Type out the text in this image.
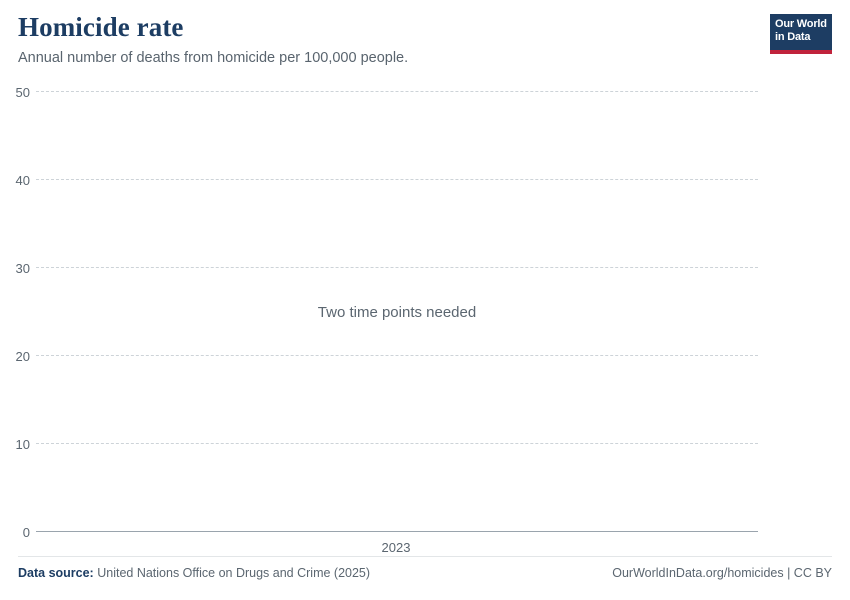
Homicide rate

Annual number of deaths from homicide per 100,000 people.

Our World
in Data
50
40
30
20
10
0
Two time points needed
2023
Data source: United Nations Office on Drugs and Crime (2025)	OurWorldInData.org/homicides | CC BY
